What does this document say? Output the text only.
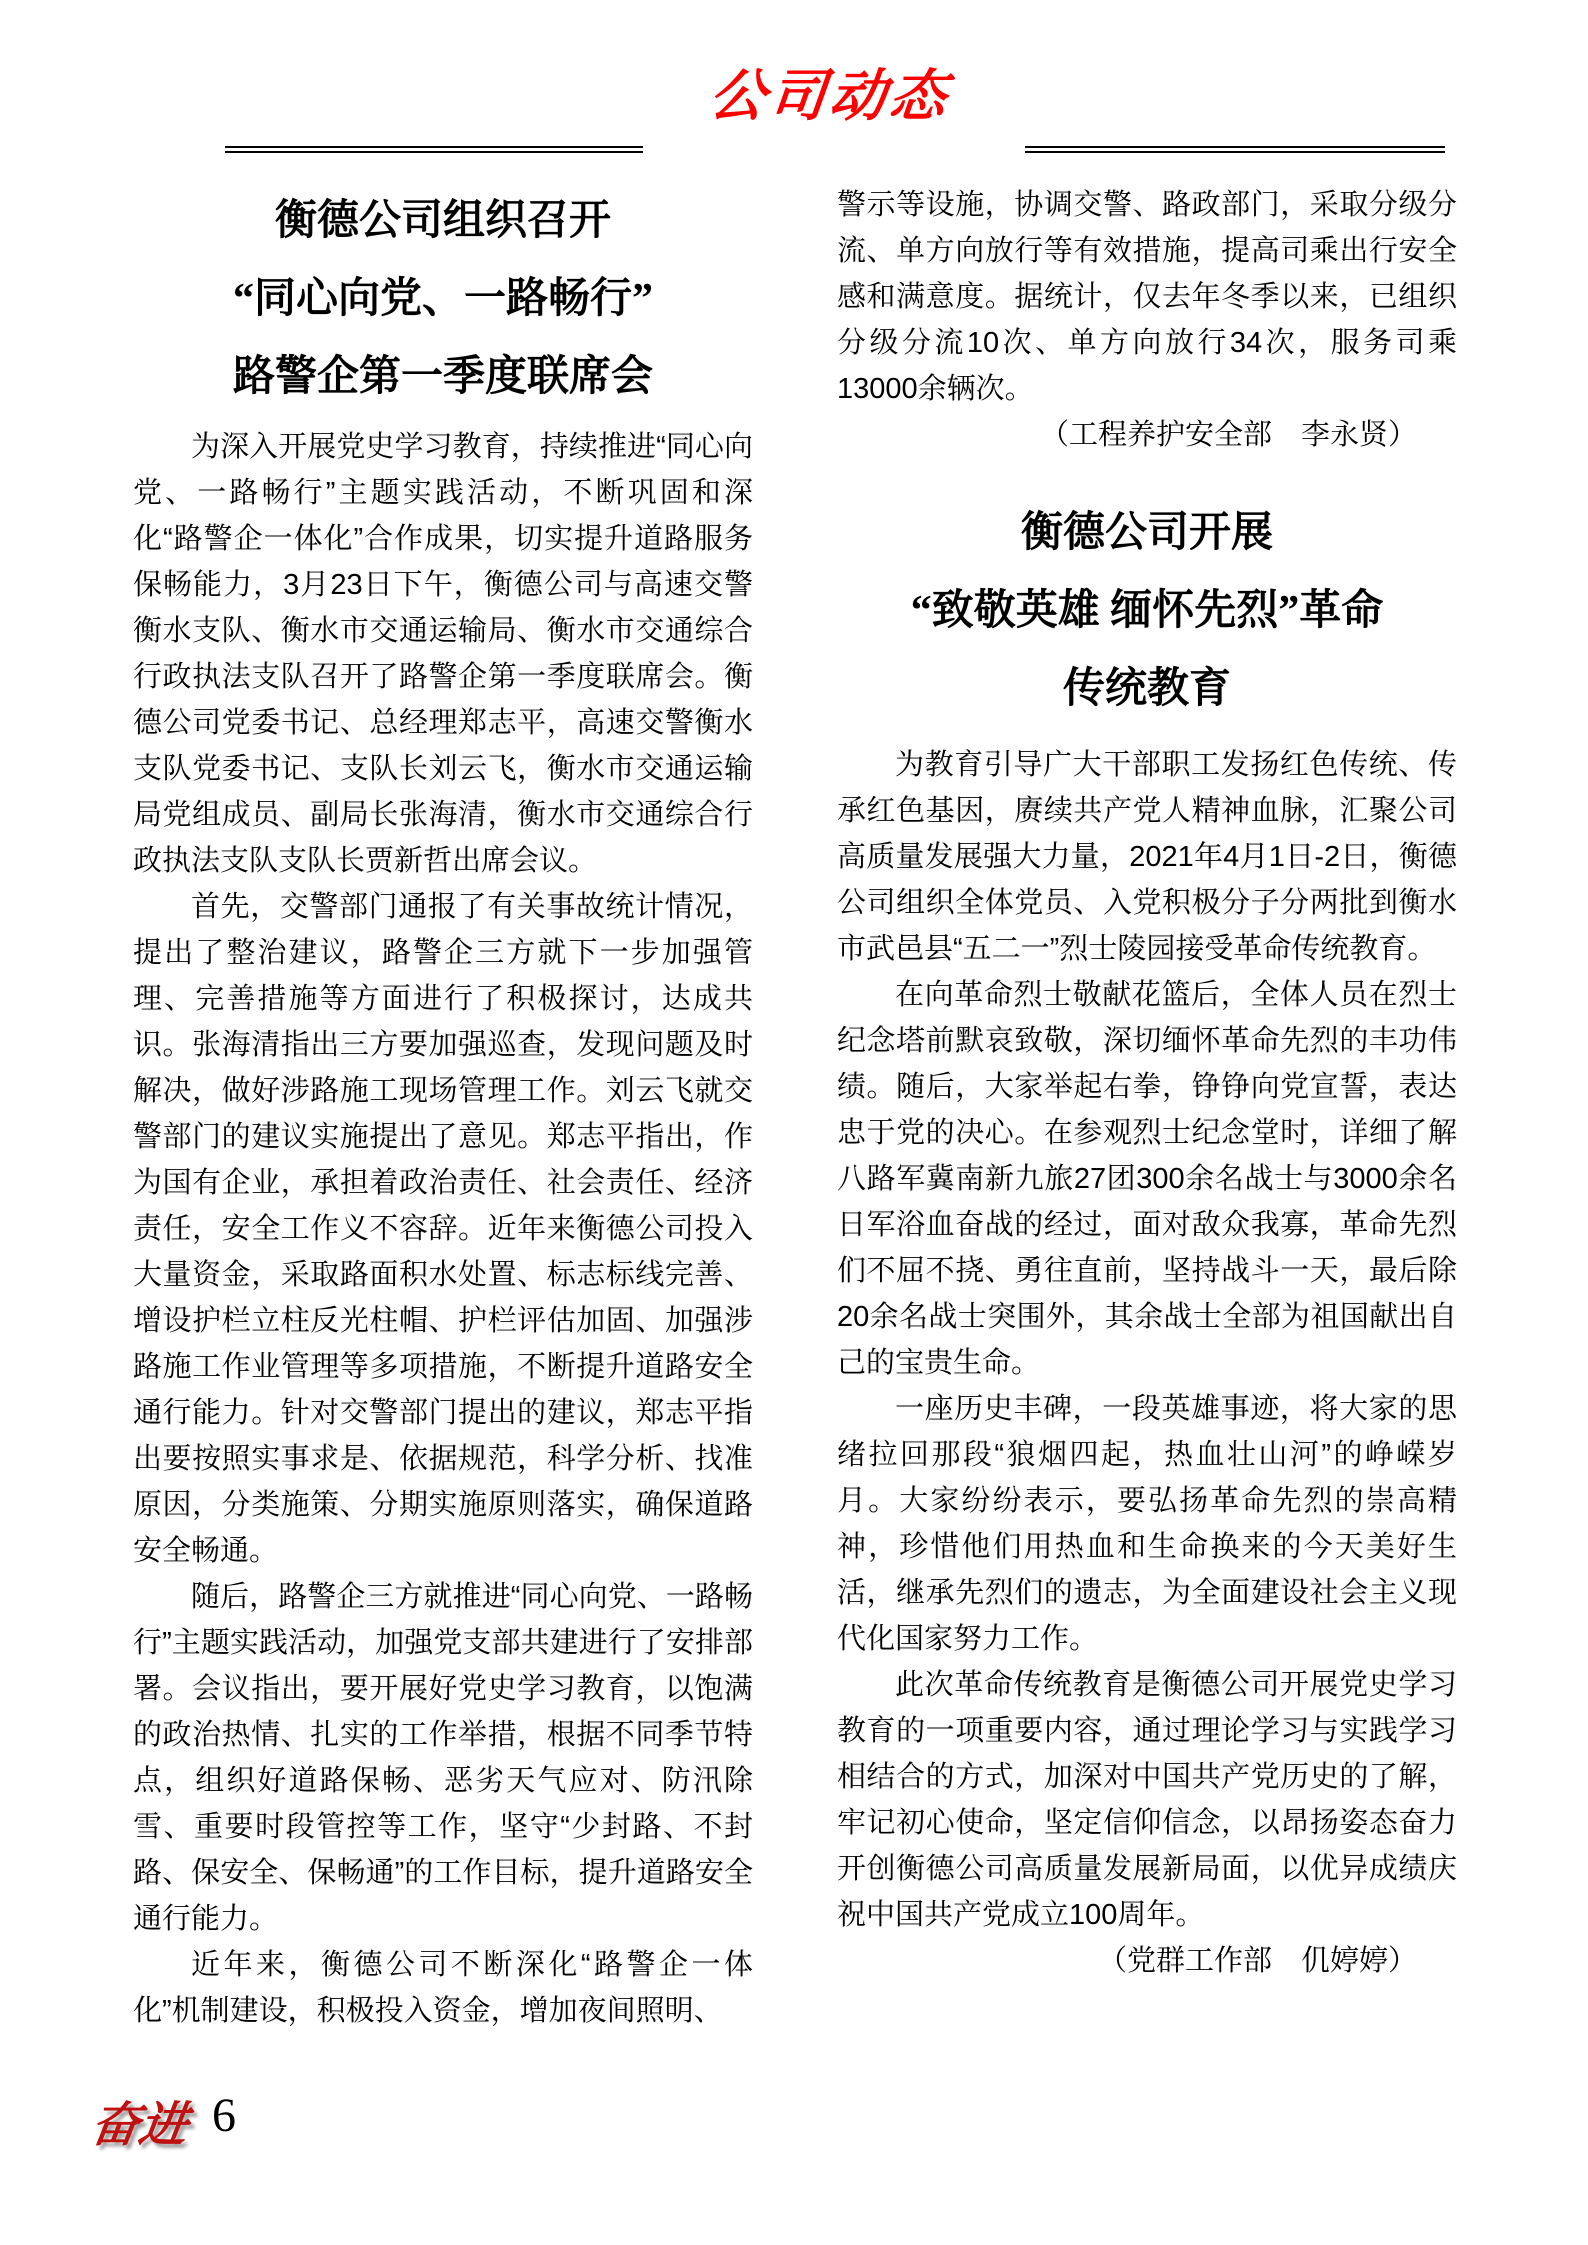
公司动态
衡德公司组织召开
“同心向党、一路畅行”
路警企第一季度联席会

为深入开展党史学习教育，持续推进“同心向党、一路畅行”主题实践活动，不断巩固和深化“路警企一体化”合作成果，切实提升道路服务保畅能力，3月23日下午，衡德公司与高速交警衡水支队、衡水市交通运输局、衡水市交通综合行政执法支队召开了路警企第一季度联席会。衡德公司党委书记、总经理郑志平，高速交警衡水支队党委书记、支队长刘云飞，衡水市交通运输局党组成员、副局长张海清，衡水市交通综合行政执法支队支队长贾新哲出席会议。

首先，交警部门通报了有关事故统计情况，提出了整治建议，路警企三方就下一步加强管理、完善措施等方面进行了积极探讨，达成共识。张海清指出三方要加强巡查，发现问题及时解决，做好涉路施工现场管理工作。刘云飞就交警部门的建议实施提出了意见。郑志平指出，作为国有企业，承担着政治责任、社会责任、经济责任，安全工作义不容辞。近年来衡德公司投入大量资金，采取路面积水处置、标志标线完善、增设护栏立柱反光柱帽、护栏评估加固、加强涉路施工作业管理等多项措施，不断提升道路安全通行能力。针对交警部门提出的建议，郑志平指出要按照实事求是、依据规范，科学分析、找准原因，分类施策、分期实施原则落实，确保道路安全畅通。

随后，路警企三方就推进“同心向党、一路畅行”主题实践活动，加强党支部共建进行了安排部署。会议指出，要开展好党史学习教育，以饱满的政治热情、扎实的工作举措，根据不同季节特点，组织好道路保畅、恶劣天气应对、防汛除雪、重要时段管控等工作，坚守“少封路、不封路、保安全、保畅通”的工作目标，提升道路安全通行能力。

近年来，衡德公司不断深化“路警企一体化”机制建设，积极投入资金，增加夜间照明、

警示等设施，协调交警、路政部门，采取分级分流、单方向放行等有效措施，提高司乘出行安全感和满意度。据统计，仅去年冬季以来，已组织分级分流10次、单方向放行34次，服务司乘13000余辆次。

（工程养护安全部　李永贤）

衡德公司开展
“致敬英雄 缅怀先烈”革命
传统教育

为教育引导广大干部职工发扬红色传统、传承红色基因，赓续共产党人精神血脉，汇聚公司高质量发展强大力量，2021年4月1日-2日，衡德公司组织全体党员、入党积极分子分两批到衡水市武邑县“五二一”烈士陵园接受革命传统教育。

在向革命烈士敬献花篮后，全体人员在烈士纪念塔前默哀致敬，深切缅怀革命先烈的丰功伟绩。随后，大家举起右拳，铮铮向党宣誓，表达忠于党的决心。在参观烈士纪念堂时，详细了解八路军冀南新九旅27团300余名战士与3000余名日军浴血奋战的经过，面对敌众我寡，革命先烈们不屈不挠、勇往直前，坚持战斗一天，最后除20余名战士突围外，其余战士全部为祖国献出自己的宝贵生命。

一座历史丰碑，一段英雄事迹，将大家的思绪拉回那段“狼烟四起，热血壮山河”的峥嵘岁月。大家纷纷表示，要弘扬革命先烈的崇高精神，珍惜他们用热血和生命换来的今天美好生活，继承先烈们的遗志，为全面建设社会主义现代化国家努力工作。

此次革命传统教育是衡德公司开展党史学习教育的一项重要内容，通过理论学习与实践学习相结合的方式，加深对中国共产党历史的了解，牢记初心使命，坚定信仰信念，以昂扬姿态奋力开创衡德公司高质量发展新局面，以优异成绩庆祝中国共产党成立100周年。

（党群工作部　仉婷婷）

奋进 6
